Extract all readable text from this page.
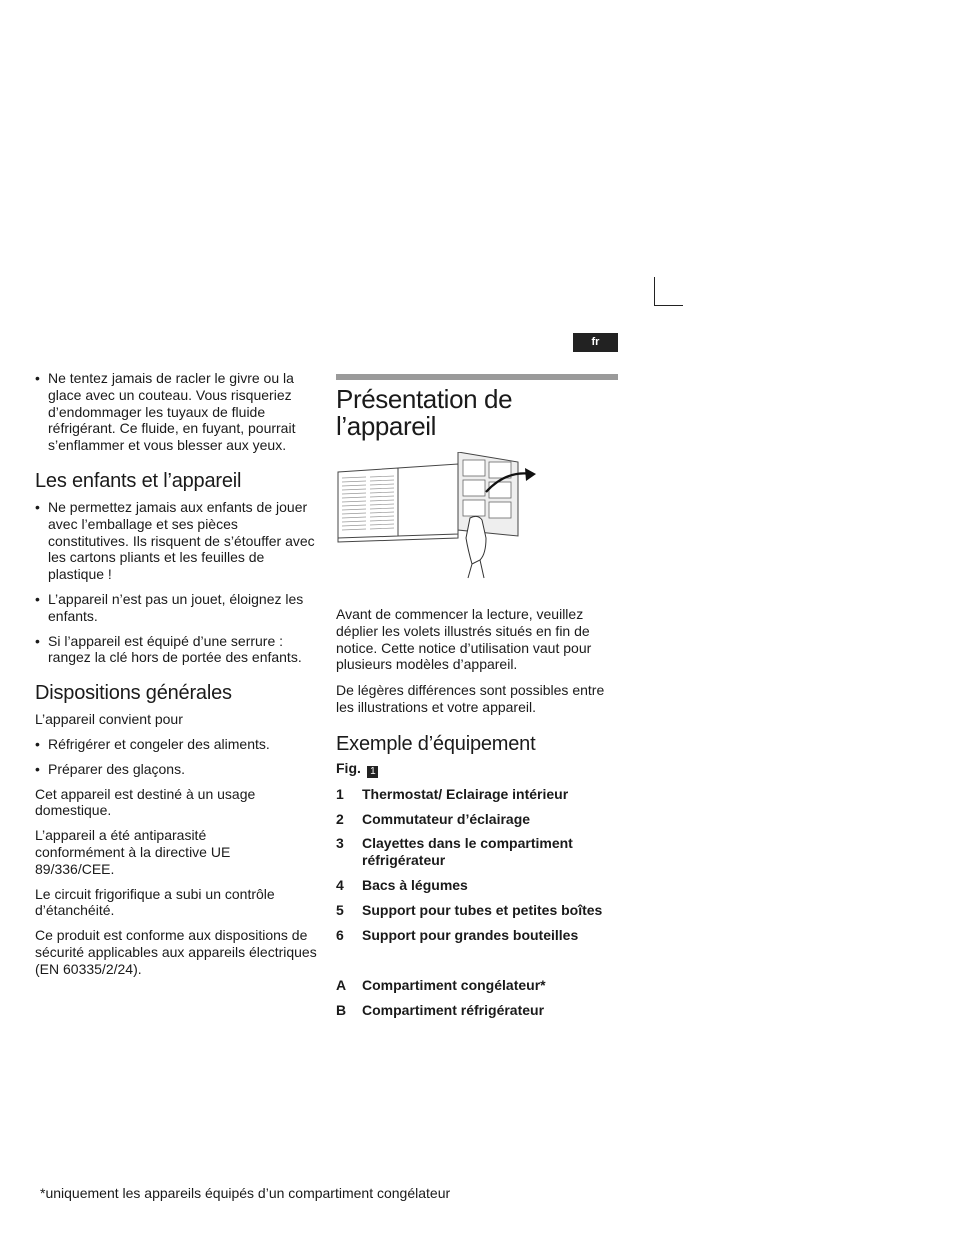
fr
• Ne tentez jamais de racler le givre ou la glace avec un couteau. Vous risqueriez d’endommager les tuyaux de fluide réfrigérant. Ce fluide, en fuyant, pourrait s’enflammer et vous blesser aux yeux.
Les enfants et l’appareil
• Ne permettez jamais aux enfants de jouer avec l’emballage et ses pièces constitutives. Ils risquent de s’étouffer avec les cartons pliants et les feuilles de plastique !
• L’appareil n’est pas un jouet, éloignez les enfants.
• Si l’appareil est équipé d’une serrure : rangez la clé hors de portée des enfants.
Dispositions générales

L’appareil convient pour

• Réfrigérer et congeler des aliments.
• Préparer des glaçons.

Cet appareil est destiné à un usage domestique.

L’appareil a été antiparasité conformément à la directive UE 89/336/CEE.

Le circuit frigorifique a subi un contrôle d’étanchéité.

Ce produit est conforme aux dispositions de sécurité applicables aux appareils électriques (EN 60335/2/24).

Présentation de
l’appareil

Avant de commencer la lecture, veuillez déplier les volets illustrés situés en fin de notice. Cette notice d’utilisation vaut pour plusieurs modèles d’appareil.

De légères différences sont possibles entre les illustrations et votre appareil.

Exemple d’équipement
Fig. 1
1 Thermostat/ Eclairage intérieur
2 Commutateur d’éclairage
3 Clayettes dans le compartiment réfrigérateur
4 Bacs à légumes
5 Support pour tubes et petites boîtes
6 Support pour grandes bouteilles
A Compartiment congélateur*
B Compartiment réfrigérateur
*uniquement les appareils équipés d’un compartiment congélateur
